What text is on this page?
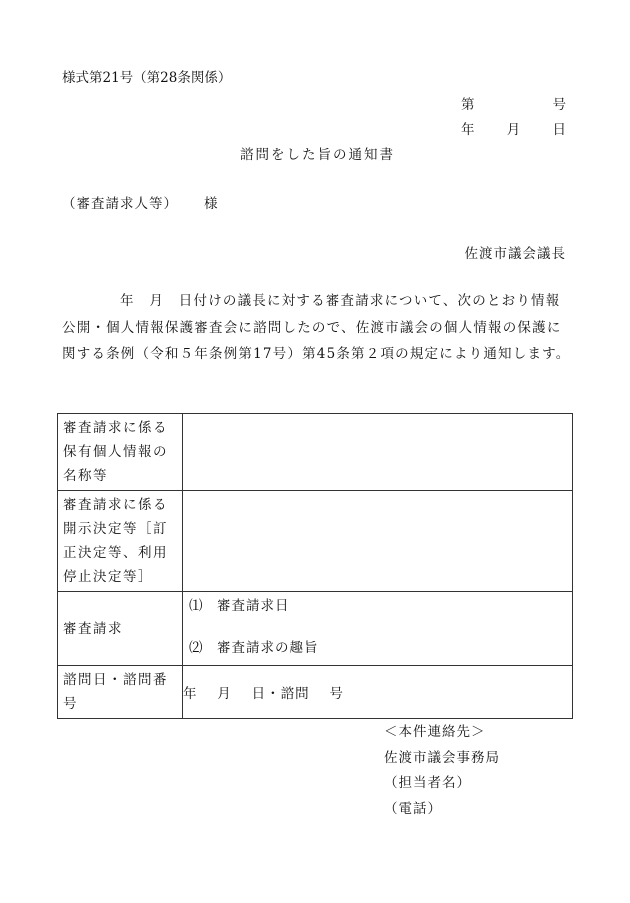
様式第21号（第28条関係）
第	号
年 月 日
諮問をした旨の通知書
（審査請求人等） 様
佐渡市議会議長
年　月　日付けの議長に対する審査請求について、次のとおり情報公開・個人情報保護審査会に諮問したので、佐渡市議会の個人情報の保護に関する条例（令和５年条例第17号）第45条第２項の規定により通知します。
審査請求に係る保有個人情報の名称等	
審査請求に係る開示決定等［訂正決定等、利用停止決定等］	
審査請求	⑴ 審査請求日
⑵ 審査請求の趣旨

諮問日・諮問番号	年　 月 　日・諮問 　号
＜本件連絡先＞
佐渡市議会事務局
（担当者名）
（電話）
